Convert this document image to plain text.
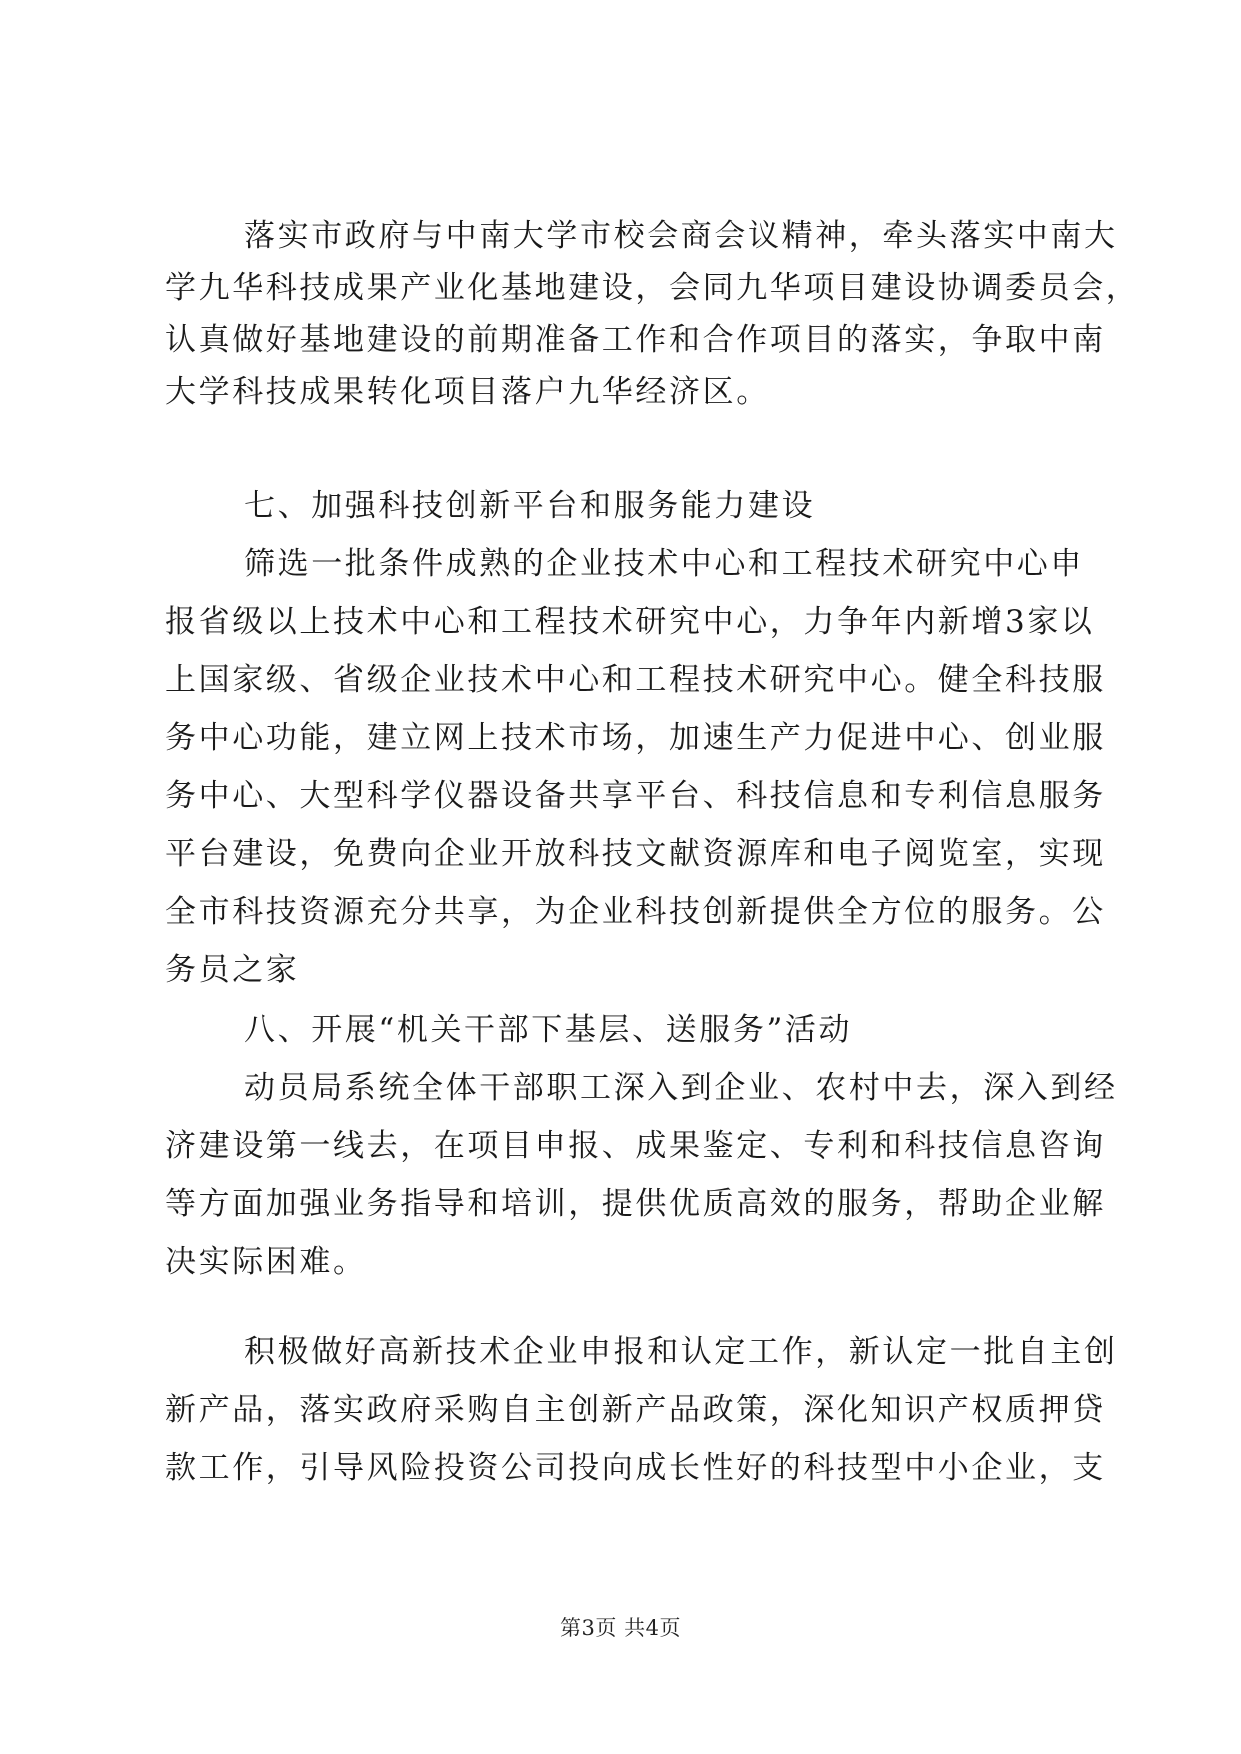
落实市政府与中南大学市校会商会议精神，牵头落实中南大
学九华科技成果产业化基地建设，会同九华项目建设协调委员会，
认真做好基地建设的前期准备工作和合作项目的落实，争取中南
大学科技成果转化项目落户九华经济区。
七、加强科技创新平台和服务能力建设
筛选一批条件成熟的企业技术中心和工程技术研究中心申
报省级以上技术中心和工程技术研究中心，力争年内新增3家以
上国家级、省级企业技术中心和工程技术研究中心。健全科技服
务中心功能，建立网上技术市场，加速生产力促进中心、创业服
务中心、大型科学仪器设备共享平台、科技信息和专利信息服务
平台建设，免费向企业开放科技文献资源库和电子阅览室，实现
全市科技资源充分共享，为企业科技创新提供全方位的服务。公
务员之家
八、开展“机关干部下基层、送服务”活动
动员局系统全体干部职工深入到企业、农村中去，深入到经
济建设第一线去，在项目申报、成果鉴定、专利和科技信息咨询
等方面加强业务指导和培训，提供优质高效的服务，帮助企业解
决实际困难。
积极做好高新技术企业申报和认定工作，新认定一批自主创
新产品，落实政府采购自主创新产品政策，深化知识产权质押贷
款工作，引导风险投资公司投向成长性好的科技型中小企业，支
第3页 共4页
